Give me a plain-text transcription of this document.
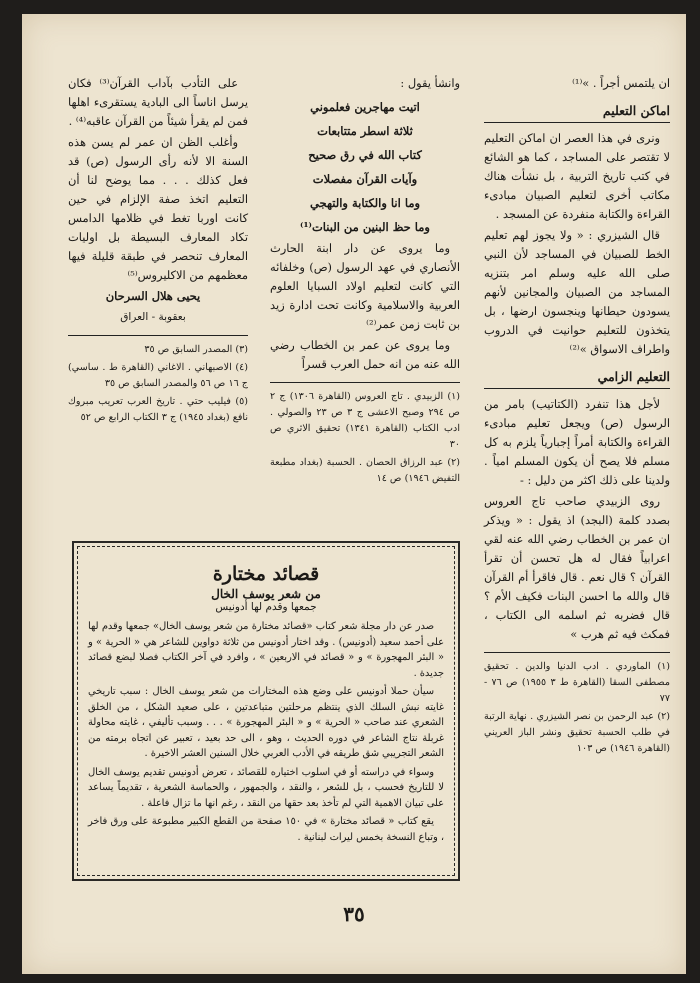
ان يلتمس أجراً . »⁽¹⁾

اماكن التعليم

ونرى في هذا العصر ان اماكن التعليم لا تقتصر على المساجد ، كما هو الشائع في كتب تاريخ التربية ، بل نشأت هناك مكاتب أخرى لتعليم الصبيان مبادىء القراءة والكتابة منفردة عن المسجد .

قال الشيزري : « ولا يجوز لهم تعليم الخط للصبيان في المساجد لأن النبي صلى الله عليه وسلم امر بتنزيه المساجد من الصبيان والمجانين لأنهم يسودون حيطانها وينجسون ارضها ، بل يتخذون للتعليم حوانيت في الدروب واطراف الاسواق »⁽²⁾

التعليم الزامي

لأجل هذا تنفرد (الكتاتيب) بامر من الرسول (ص) ويجعل تعليم مبادىء القراءة والكتابة أمراً إجبارياً يلزم به كل مسلم فلا يصح أن يكون المسلم امياً . ولدينا على ذلك اكثر من دليل : -

روى الزبيدي صاحب تاج العروس بصدد كلمة (البجد) اذ يقول : « ويذكر ان عمر بن الخطاب رضي الله عنه لقي اعرابياً فقال له هل تحسن أن تقرأ القرآن ؟ قال نعم . قال فاقرأ أم القرآن قال والله ما احسن البنات فكيف الأم ؟ قال فضربه ثم اسلمه الى الكتاب ، فمكث فيه ثم هرب »

(١) الماوردي . ادب الدنيا والدين . تحقيق مصطفى السقا (القاهرة ط ٣ ١٩٥٥) ص ٧٦ - ٧٧

(٢) عبد الرحمن بن نصر الشيزري . نهاية الرتبة في طلب الحسبة تحقيق ونشر الباز العريني (القاهرة ١٩٤٦) ص ١٠٣

وانشأ يقول :

اتيت مهاجرين فعلموني

ثلاثة اسطر متتابعات

كتاب الله في رق صحيح

وآيات القرآن مفصلات

وما انا والكتابة والتهجي

وما حظ البنين من البنات⁽¹⁾

وما يروى عن دار ابنة الحارث الأنصاري في عهد الرسول (ص) وخلفائه التي كانت لتعليم اولاد السبايا العلوم العربية والاسلامية وكانت تحت ادارة زيد بن ثابت زمن عمر⁽²⁾

وما يروى عن عمر بن الخطاب رضي الله عنه من انه حمل العرب قسراً

(١) الزبيدي . تاج العروس (القاهرة ١٣٠٦) ج ٢ ص ٢٩٤ وصبح الاعشى ج ٣ ص ٢٣ والصولي . ادب الكتاب (القاهرة ١٣٤١) تحقيق الاثري ص ٣٠

(٢) عبد الرزاق الحصان . الحسبة (بغداد مطبعة التفيض ١٩٤٦) ص ١٤

على التأدب بآداب القرآن⁽³⁾ فكان يرسل اناساً الى البادية يستقرىء اهلها فمن لم يقرأ شيئاً من القرآن عاقبه⁽⁴⁾ .

وأغلب الظن ان عمر لم يسن هذه السنة الا لأنه رأى الرسول (ص) قد فعل كذلك . . . مما يوضح لنا أن التعليم اتخذ صفة الإلزام في حين كانت اوربا تغط في ظلامها الدامس تكاد المعارف البسيطة بل اوليات المعارف تنحصر في طبقة قليلة فيها معظمهم من الاكليروس⁽⁵⁾

يحيى هلال السرحان

بعقوبة - العراق

(٣) المصدر السابق ص ٣٥

(٤) الاصبهاني . الاغاني (القاهرة ط . ساسي) ج ١٦ ص ٥٦ والمصدر السابق ص ٣٥

(٥) فيليب حتي . تاريخ العرب تعريب مبروك نافع (بغداد ١٩٤٥) ج ٣ الكتاب الرابع ص ٥٢

قصائد مختارة
من شعر يوسف الخال
جمعها وقدم لها أدونيس

صدر عن دار مجلة شعر كتاب «قصائد مختارة من شعر يوسف الخال» جمعها وقدم لها على أحمد سعيد (أدونيس) . وقد اختار أدونيس من ثلاثة دواوين للشاعر هي « الحرية » و « البئر المهجورة » و « قصائد في الاربعين » ، وافرد في آخر الكتاب فصلا لبضع قصائد جديدة .

سيأن حملا أدونيس على وضع هذه المختارات من شعر يوسف الخال : سبب تاريخي غايته نبش السلك الذي ينتظم مرحلتين متباعدتين ، على صعيد الشكل ، من الخلق الشعري عند صاحب « الحرية » و « البئر المهجورة » . . . وسبب تأليفي ، غايته محاولة غربلة نتاج الشاعر في دوره الحديث ، وهو ، الى حد بعيد ، تعبير عن اتجاه برمته من الشعر التجريبي شق طريقه في الأدب العربي خلال السنين العشر الاخيرة .

وسواء في دراسته أو في اسلوب اختياره للقصائد ، تعرض أدونيس تقديم يوسف الخال لا للتاريخ فحسب ، بل للشعر ، والنقد ، والجمهور ، والحماسة الشعرية ، تقديماً يساعد على تبيان الاهمية التي لم تأخذ بعد حقها من النقد ، رغم انها ما تزال فاعلة .

يقع كتاب « قصائد مختارة » في ١٥٠ صفحة من القطع الكبير مطبوعة على ورق فاخر ، وتباع النسخة بخمس ليرات لبنانية .

٣٥
